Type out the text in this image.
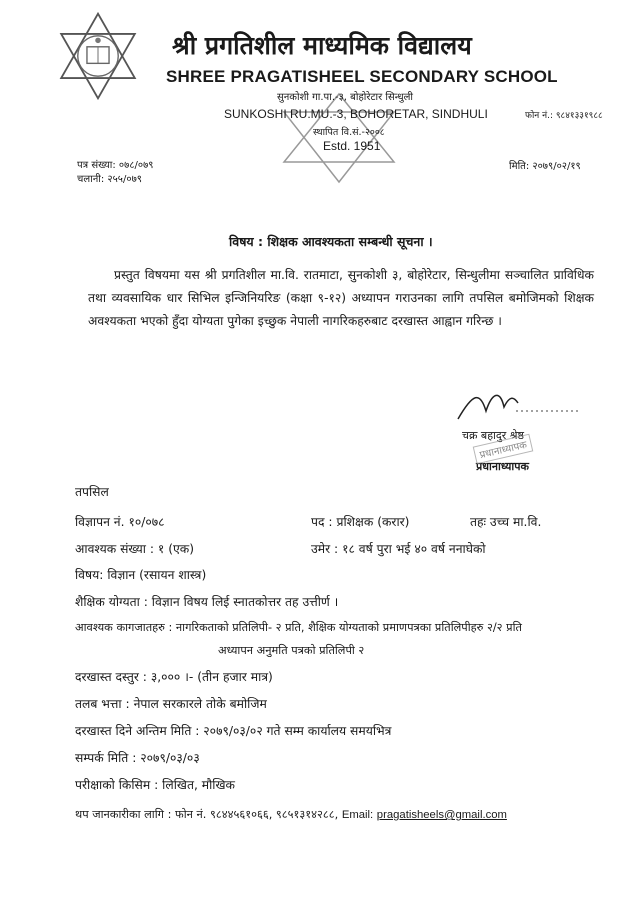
श्री प्रगतिशील माध्यमिक विद्यालय
SHREE PRAGATISHEEL SECONDARY SCHOOL
सुनकोशी गा.पा.-३, बोहोरेटार सिन्धुली
SUNKOSHI RU.MU.-3, BOHORETAR, SINDHULI
स्थापित वि.सं.-२००८
Estd. 1951
फोन नं.: ९८४१३३१९८८
पत्र संख्या: ०७८/०७९
चलानी: २५५/०७९
मिति: २०७९/०२/१९
विषय : शिक्षक आवश्यकता सम्बन्धी सूचना ।
प्रस्तुत विषयमा यस श्री प्रगतिशील मा.वि. रातमाटा, सुनकोशी ३, बोहोरेटार, सिन्धुलीमा सञ्चालित प्राविधिक तथा व्यवसायिक धार सिभिल इन्जिनियरिङ (कक्षा ९-१२) अध्यापन गराउनका लागि तपसिल बमोजिमको शिक्षक अवश्यकता भएको हुँदा योग्यता पुगेका इच्छुक नेपाली नागरिकहरुबाट दरखास्त आह्वान गरिन्छ ।
चक्र बहादुर श्रेष्ठ
प्रधानाध्यापक
प्रधानाध्यापक
तपसिल
विज्ञापन नं. १०/०७८	पद : प्रशिक्षक (करार)	तहः उच्च मा.वि.
आवश्यक संख्या : १ (एक)	उमेर : १८ वर्ष पुरा भई ४० वर्ष ननाघेको
विषय: विज्ञान (रसायन शास्त्र)
शैक्षिक योग्यता : विज्ञान विषय लिई स्नातकोत्तर तह उत्तीर्ण ।
आवश्यक कागजातहरु : नागरिकताको प्रतिलिपी- २ प्रति, शैक्षिक योग्यताको प्रमाणपत्रका प्रतिलिपीहरु २/२ प्रति
अध्यापन अनुमति पत्रको प्रतिलिपी २
दरखास्त दस्तुर : ३,००० ।- (तीन हजार मात्र)
तलब भत्ता : नेपाल सरकारले तोके बमोजिम
दरखास्त दिने अन्तिम मिति : २०७९/०३/०२ गते सम्म कार्यालय समयभित्र
सम्पर्क मिति : २०७९/०३/०३
परीक्षाको किसिम : लिखित, मौखिक
थप जानकारीका लागि : फोन नं. ९८४४५६१०६६, ९८५१३१४२८८, Email: pragatisheels@gmail.com
